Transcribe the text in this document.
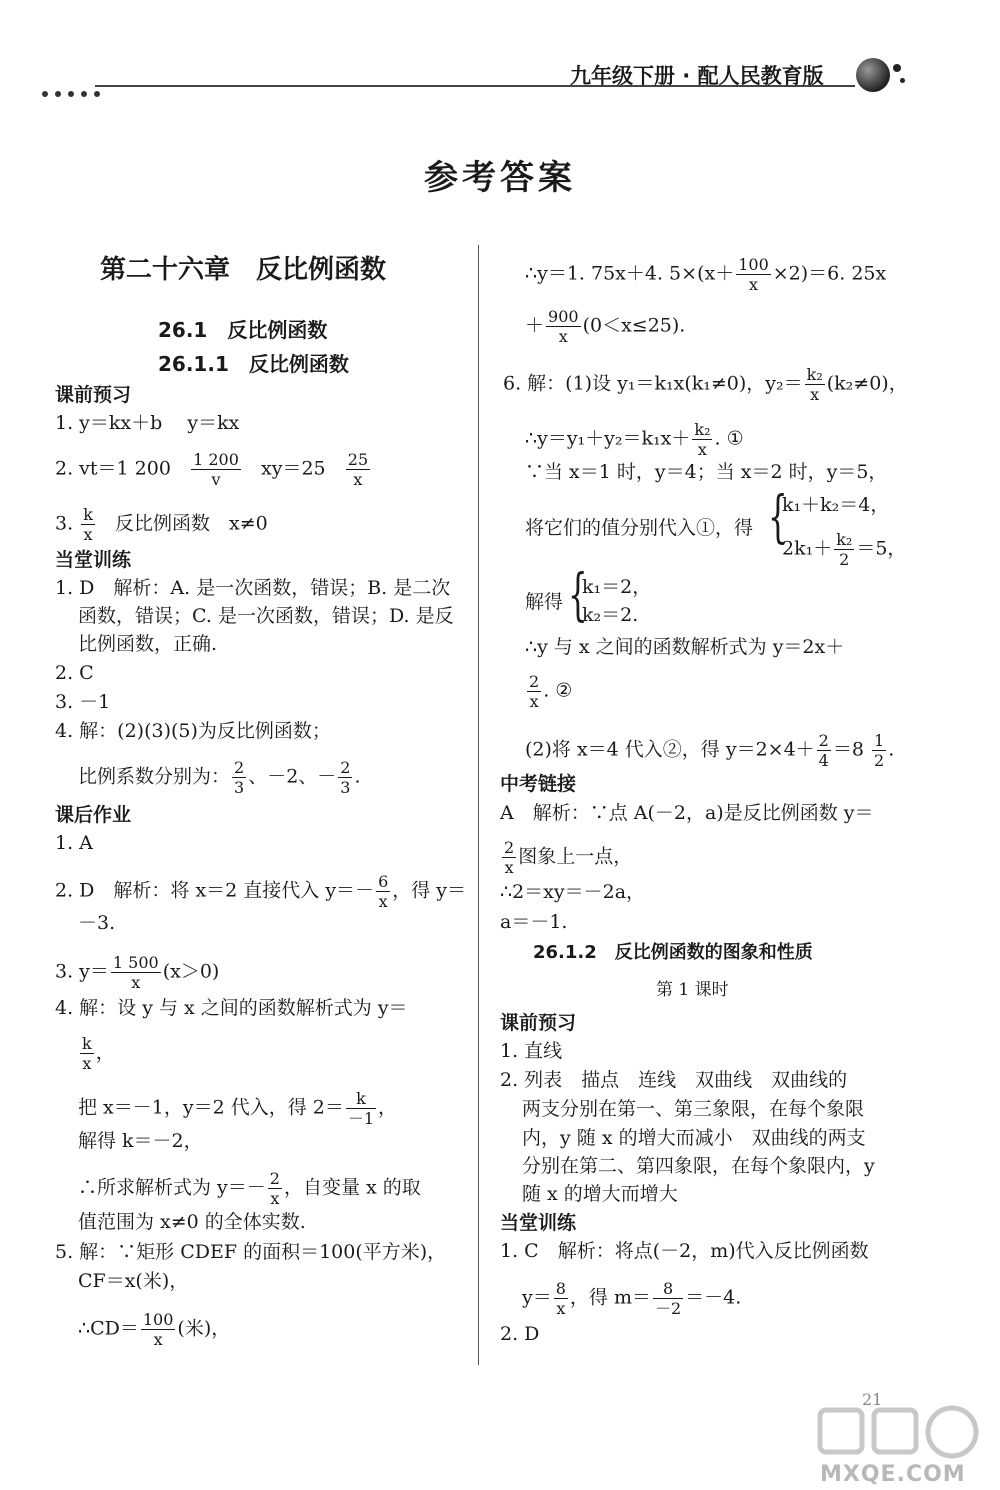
九年级下册 · 配人民教育版
参考答案
第二十六章　反比例函数
26.1　反比例函数
26.1.1　反比例函数
课前预习
1. y＝kx＋b　 y＝kx
2. vt＝1 $200 \frac{1 200}{v} xy=25 \frac{25}{x}$
3. $\frac{k}{x}$ 反比例函数　x≠0
当堂训练
1. D　解析：A. 是一次函数，错误；B. 是二次
函数，错误；C. 是一次函数，错误；D. 是反
比例函数，正确.
2. C
3. －1
4. 解：(2)(3)(5)为反比例函数；
比例系数分别为： $\frac{2}{3}$ 、－2、－ $\frac{2}{3}$ .
课后作业
1. A
2. D　解析：将 x＝2 直接代入 $y=- \frac{6}{x}$ ，得 y＝
－3.
3. $y= \frac{1 500}{x} (x>0)$
4. 解：设 y 与 x 之间的函数解析式为 y＝
$\frac{k}{x}$ ，
把 x＝－1，y＝2 代入，得 $2= \frac{k}{-1}$ ，
解得 k＝－2，
∴所求解析式为 $y=- \frac{2}{x}$ ，自变量 x 的取
值范围为 x≠0 的全体实数.
5. 解：∵矩形 CDEF 的面积＝100(平方米)，
CF＝x(米)，
∴CD＝ $\frac{100}{x}$ (米)，
∴y＝1. 75x＋4. $5\times(x+ \frac{100}{x} \times 2)=6$. 25x
＋ $\frac{900}{x} (0<x\le 25)$.
6. 解：(1)设 y₁＝k₁x(k₁≠0)，$y_2= \frac{\text{k₂}}{x} (k_2\ne 0)$，
∴y＝y₁＋y₂＝k₁x＋ $\frac{\text{k₂}}{x}$ . ①
∵当 x＝1 时，y＝4；当 x＝2 时，y＝5，
将它们的值分别代入①，得 {
k₁＋k₂＝4，
$2k_1+ \frac{\text{k₂}}{2} =5$，
解得 {
k₁＝2，
k₂＝2.
∴y 与 x 之间的函数解析式为 y＝2x＋
$\frac{2}{x}$ . ②
(2)将 x＝4 代入②，得 $y=2\times 4+ \frac{2}{4} =8 \frac{1}{2}$ .
中考链接
A　解析：∵点 A(－2，a)是反比例函数 y＝
$\frac{2}{x}$ 图象上一点，
∴2＝xy＝－2a，
a＝－1.
26.1.2　反比例函数的图象和性质
第 1 课时
课前预习
1. 直线
2. 列表　描点　连线　双曲线　双曲线的
两支分别在第一、第三象限，在每个象限
内，y 随 x 的增大而减小　双曲线的两支
分别在第二、第四象限，在每个象限内，y
随 x 的增大而增大
当堂训练
1. C　解析：将点(－2，m)代入反比例函数
$y= \frac{8}{x}$ ，得 $m= \frac{8}{-2} =-4$.
2. D
21
MXQE.COM
